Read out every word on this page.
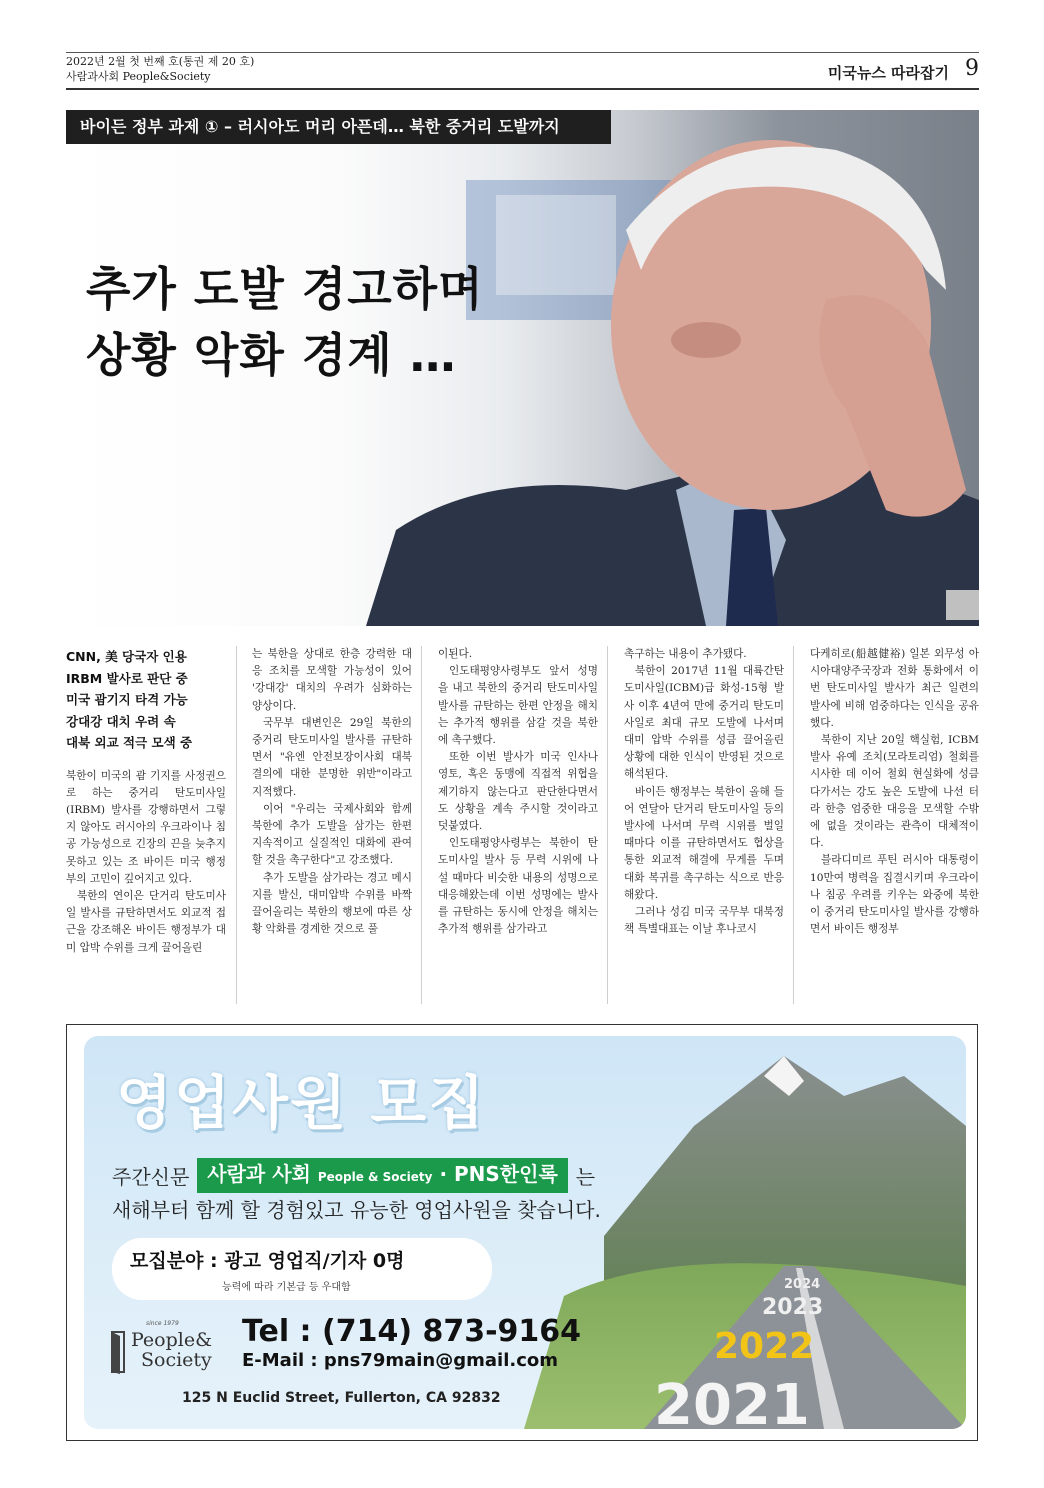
2022년 2월 첫 번째 호(통권 제 20 호)
사람과사회 People&Society	미국뉴스 따라잡기 9
바이든 정부 과제 ① – 러시아도 머리 아픈데… 북한 중거리 도발까지
추가 도발 경고하며
상황 악화 경계 …
CNN, 美 당국자 인용
IRBM 발사로 판단 중
미국 괌기지 타격 가능
강대강 대치 우려 속
대북 외교 적극 모색 중

북한이 미국의 괌 기지를 사정권으로 하는 중거리 탄도미사일(IRBM) 발사를 강행하면서 그렇지 않아도 러시아의 우크라이나 침공 가능성으로 긴장의 끈을 늦추지 못하고 있는 조 바이든 미국 행정부의 고민이 깊어지고 있다.

북한의 연이은 단거리 탄도미사일 발사를 규탄하면서도 외교적 접근을 강조해온 바이든 행정부가 대미 압박 수위를 크게 끌어올린

는 북한을 상대로 한층 강력한 대응 조치를 모색할 가능성이 있어 '강대강' 대치의 우려가 심화하는 양상이다.

국무부 대변인은 29일 북한의 중거리 탄도미사일 발사를 규탄하면서 "유엔 안전보장이사회 대북 결의에 대한 분명한 위반"이라고 지적했다.

이어 "우리는 국제사회와 함께 북한에 추가 도발을 삼가는 한편 지속적이고 실질적인 대화에 관여할 것을 촉구한다"고 강조했다.

추가 도발을 삼가라는 경고 메시지를 발신, 대미압박 수위를 바짝 끌어올리는 북한의 행보에 따른 상황 악화를 경계한 것으로 풀

이된다.

인도태평양사령부도 앞서 성명을 내고 북한의 중거리 탄도미사일 발사를 규탄하는 한편 안정을 해치는 추가적 행위를 삼갈 것을 북한에 촉구했다.

또한 이번 발사가 미국 인사나 영토, 혹은 동맹에 직접적 위협을 제기하지 않는다고 판단한다면서도 상황을 계속 주시할 것이라고 덧붙였다.

인도태평양사령부는 북한이 탄도미사일 발사 등 무력 시위에 나설 때마다 비슷한 내용의 성명으로 대응해왔는데 이번 성명에는 발사를 규탄하는 동시에 안정을 해치는 추가적 행위를 삼가라고

촉구하는 내용이 추가됐다.

북한이 2017년 11월 대륙간탄도미사일(ICBM)급 화성-15형 발사 이후 4년여 만에 중거리 탄도미사일로 최대 규모 도발에 나서며 대미 압박 수위를 성큼 끌어올린 상황에 대한 인식이 반영된 것으로 해석된다.

바이든 행정부는 북한이 올해 들어 연달아 단거리 탄도미사일 등의 발사에 나서며 무력 시위를 벌일 때마다 이를 규탄하면서도 협상을 통한 외교적 해결에 무게를 두며 대화 복귀를 촉구하는 식으로 반응해왔다.

그러나 성김 미국 국무부 대북정책 특별대표는 이날 후나코시

다케히로(船越健裕) 일본 외무성 아시아대양주국장과 전화 통화에서 이번 탄도미사일 발사가 최근 일련의 발사에 비해 엄중하다는 인식을 공유했다.

북한이 지난 20일 핵실험, ICBM 발사 유예 조치(모라토리엄) 철회를 시사한 데 이어 철회 현실화에 성큼 다가서는 강도 높은 도발에 나선 터라 한층 엄중한 대응을 모색할 수밖에 없을 것이라는 관측이 대체적이다.

블라디미르 푸틴 러시아 대통령이 10만여 병력을 집결시키며 우크라이나 침공 우려를 키우는 와중에 북한이 중거리 탄도미사일 발사를 강행하면서 바이든 행정부

2024
2023
2022
2021
영업사원 모집
주간신문 사람과 사회 People & Society · PNS한인록 는
새해부터 함께 할 경험있고 유능한 영업사원을 찾습니다.
모집분야 : 광고 영업직/기자 0명
능력에 따라 기본급 등 우대함
since 1979
People&
Society
Tel : (714) 873-9164
E-Mail : pns79main@gmail.com
125 N Euclid Street, Fullerton, CA 92832
